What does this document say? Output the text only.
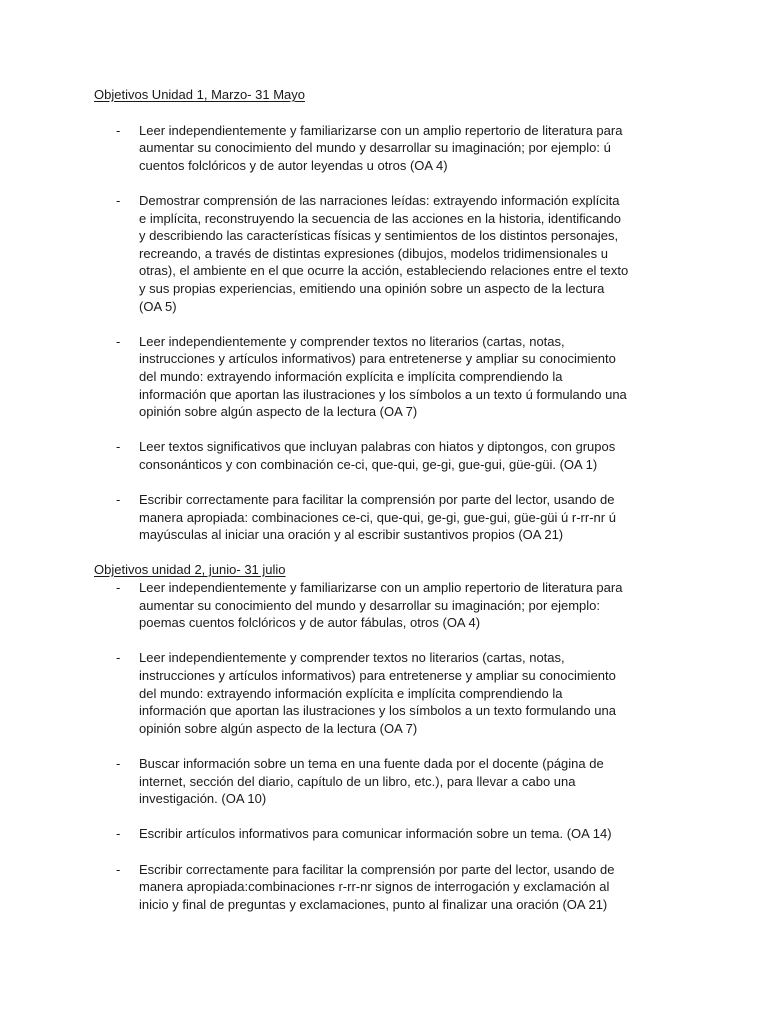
Objetivos Unidad 1, Marzo- 31 Mayo

- Leer independientemente y familiarizarse con un amplio repertorio de literatura para
aumentar su conocimiento del mundo y desarrollar su imaginación; por ejemplo: ú
cuentos folclóricos y de autor leyendas u otros (OA 4)
- Demostrar comprensión de las narraciones leídas: extrayendo información explícita
e implícita, reconstruyendo la secuencia de las acciones en la historia, identificando
y describiendo las características físicas y sentimientos de los distintos personajes,
recreando, a través de distintas expresiones (dibujos, modelos tridimensionales u
otras), el ambiente en el que ocurre la acción, estableciendo relaciones entre el texto
y sus propias experiencias, emitiendo una opinión sobre un aspecto de la lectura
(OA 5)
- Leer independientemente y comprender textos no literarios (cartas, notas,
instrucciones y artículos informativos) para entretenerse y ampliar su conocimiento
del mundo: extrayendo información explícita e implícita comprendiendo la
información que aportan las ilustraciones y los símbolos a un texto ú formulando una
opinión sobre algún aspecto de la lectura (OA 7)
- Leer textos significativos que incluyan palabras con hiatos y diptongos, con grupos
consonánticos y con combinación ce-ci, que-qui, ge-gi, gue-gui, güe-güi. (OA 1)
- Escribir correctamente para facilitar la comprensión por parte del lector, usando de
manera apropiada: combinaciones ce-ci, que-qui, ge-gi, gue-gui, güe-güi ú r-rr-nr ú
mayúsculas al iniciar una oración y al escribir sustantivos propios (OA 21)

Objetivos unidad 2, junio- 31 julio

- Leer independientemente y familiarizarse con un amplio repertorio de literatura para
aumentar su conocimiento del mundo y desarrollar su imaginación; por ejemplo:
poemas cuentos folclóricos y de autor fábulas, otros (OA 4)
- Leer independientemente y comprender textos no literarios (cartas, notas,
instrucciones y artículos informativos) para entretenerse y ampliar su conocimiento
del mundo: extrayendo información explícita e implícita comprendiendo la
información que aportan las ilustraciones y los símbolos a un texto formulando una
opinión sobre algún aspecto de la lectura (OA 7)
- Buscar información sobre un tema en una fuente dada por el docente (página de
internet, sección del diario, capítulo de un libro, etc.), para llevar a cabo una
investigación. (OA 10)
- Escribir artículos informativos para comunicar información sobre un tema. (OA 14)
- Escribir correctamente para facilitar la comprensión por parte del lector, usando de
manera apropiada:combinaciones r-rr-nr signos de interrogación y exclamación al
inicio y final de preguntas y exclamaciones, punto al finalizar una oración (OA 21)
